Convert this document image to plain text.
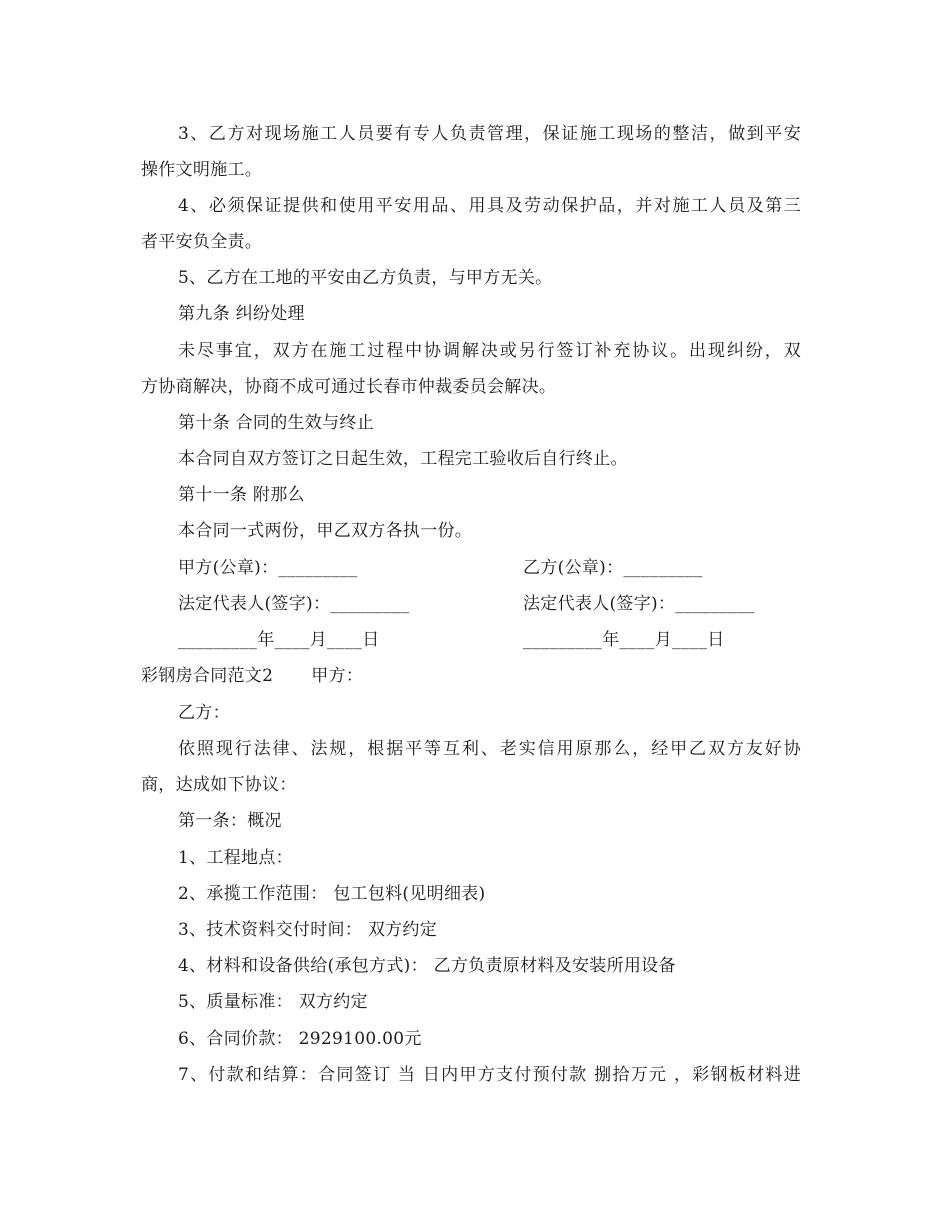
3、乙方对现场施工人员要有专人负责管理，保证施工现场的整洁，做到平安
操作文明施工。
4、必须保证提供和使用平安用品、用具及劳动保护品，并对施工人员及第三
者平安负全责。
5、乙方在工地的平安由乙方负责，与甲方无关。
第九条 纠纷处理
未尽事宜，双方在施工过程中协调解决或另行签订补充协议。出现纠纷，双
方协商解决，协商不成可通过长春市仲裁委员会解决。
第十条 合同的生效与终止
本合同自双方签订之日起生效，工程完工验收后自行终止。
第十一条 附那么
本合同一式两份，甲乙双方各执一份。
甲方(公章)：_________	乙方(公章)：_________
法定代表人(签字)：_________	法定代表人(签字)：_________
_________年____月____日	_________年____月____日
彩钢房合同范文2 甲方：
乙方：
依照现行法律、法规，根据平等互利、老实信用原那么，经甲乙双方友好协
商，达成如下协议：
第一条：概况
1、工程地点：
2、承揽工作范围： 包工包料(见明细表)
3、技术资料交付时间： 双方约定
4、材料和设备供给(承包方式)： 乙方负责原材料及安装所用设备
5、质量标准： 双方约定
6、合同价款： 2929100.00元
7、付款和结算：合同签订 当 日内甲方支付预付款 捌拾万元 ，彩钢板材料进
